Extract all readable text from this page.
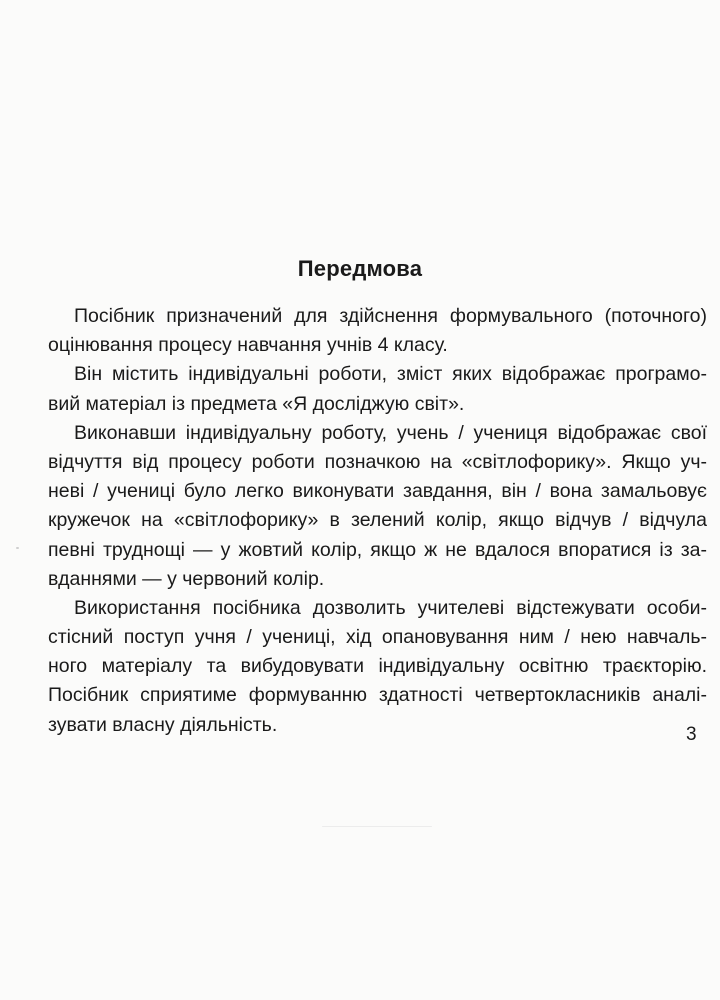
Передмова

Посібник призначений для здійснення формувального (поточного)
оцінювання процесу навчання учнів 4 класу.

Він містить індивідуальні роботи, зміст яких відображає програмо-
вий матеріал із предмета «Я досліджую світ».

Виконавши індивідуальну роботу, учень / учениця відображає свої
відчуття від процесу роботи позначкою на «світлофорику». Якщо уч-
неві / учениці було легко виконувати завдання, він / вона замальовує
кружечок на «світлофорику» в зелений колір, якщо відчув / відчула
певні труднощі — у жовтий колір, якщо ж не вдалося впоратися із за-
вданнями — у червоний колір.

Використання посібника дозволить учителеві відстежувати особи-
стісний поступ учня / учениці, хід опановування ним / нею навчаль-
ного матеріалу та вибудовувати індивідуальну освітню траєкторію.
Посібник сприятиме формуванню здатності четвертокласників аналі-
зувати власну діяльність.	3
